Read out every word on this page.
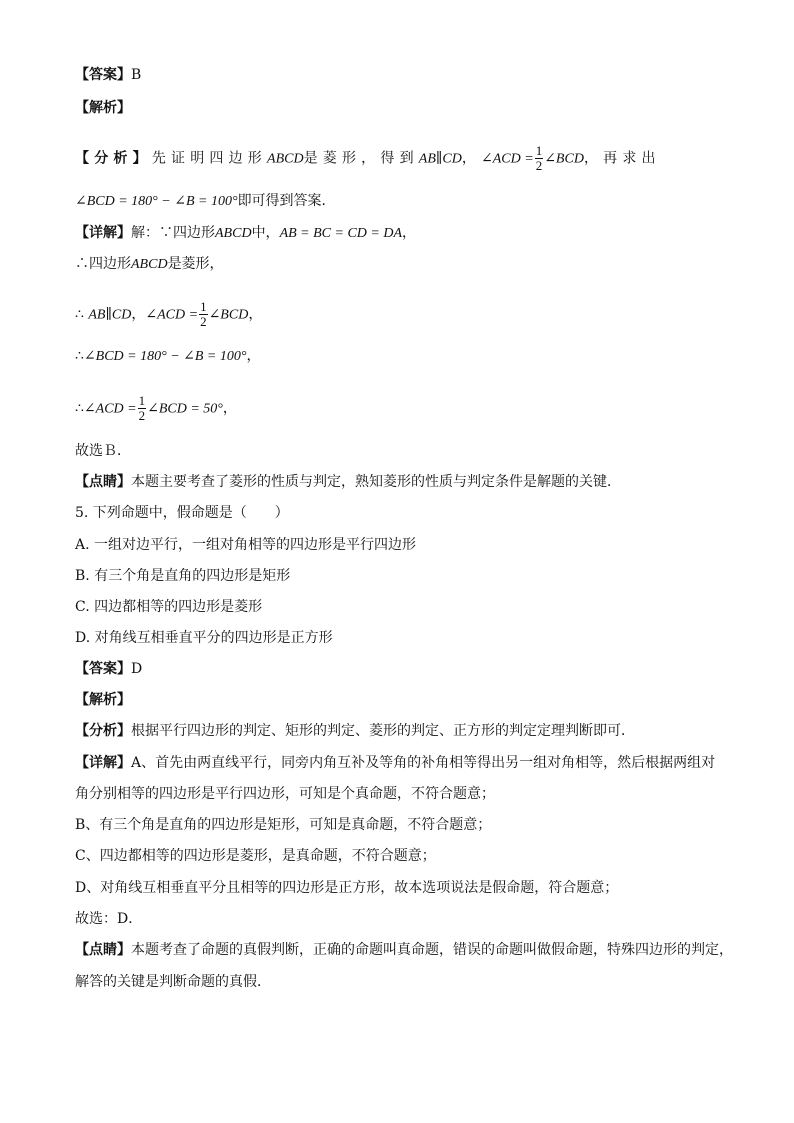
【答案】B
【解析】
【分析】先证明四边形ABCD是菱形，得到AB∥CD，∠ACD = $\frac{1}{2}$ ∠BCD，再求出
∠BCD = 180° − ∠B = 100°即可得到答案．
【详解】解：∵四边形ABCD中，AB = BC = CD = DA，
∴四边形ABCD是菱形，
∴ AB∥CD，∠ACD = $\frac{1}{2}$ ∠BCD，
∴∠BCD = 180° − ∠B = 100°，
∴∠ACD = $\frac{1}{2}$ ∠BCD = 50°，
故选Ｂ．
【点睛】本题主要考查了菱形的性质与判定，熟知菱形的性质与判定条件是解题的关键．
5. 下列命题中，假命题是（　　）
A. 一组对边平行，一组对角相等的四边形是平行四边形
B. 有三个角是直角的四边形是矩形
C. 四边都相等的四边形是菱形
D. 对角线互相垂直平分的四边形是正方形
【答案】D
【解析】
【分析】根据平行四边形的判定、矩形的判定、菱形的判定、正方形的判定定理判断即可．
【详解】A、首先由两直线平行，同旁内角互补及等角的补角相等得出另一组对角相等，然后根据两组对
角分别相等的四边形是平行四边形，可知是个真命题，不符合题意；
B、有三个角是直角的四边形是矩形，可知是真命题，不符合题意；
C、四边都相等的四边形是菱形，是真命题，不符合题意；
D、对角线互相垂直平分且相等的四边形是正方形，故本选项说法是假命题，符合题意；
故选：D．
【点睛】本题考查了命题的真假判断，正确的命题叫真命题，错误的命题叫做假命题，特殊四边形的判定，
解答的关键是判断命题的真假．
